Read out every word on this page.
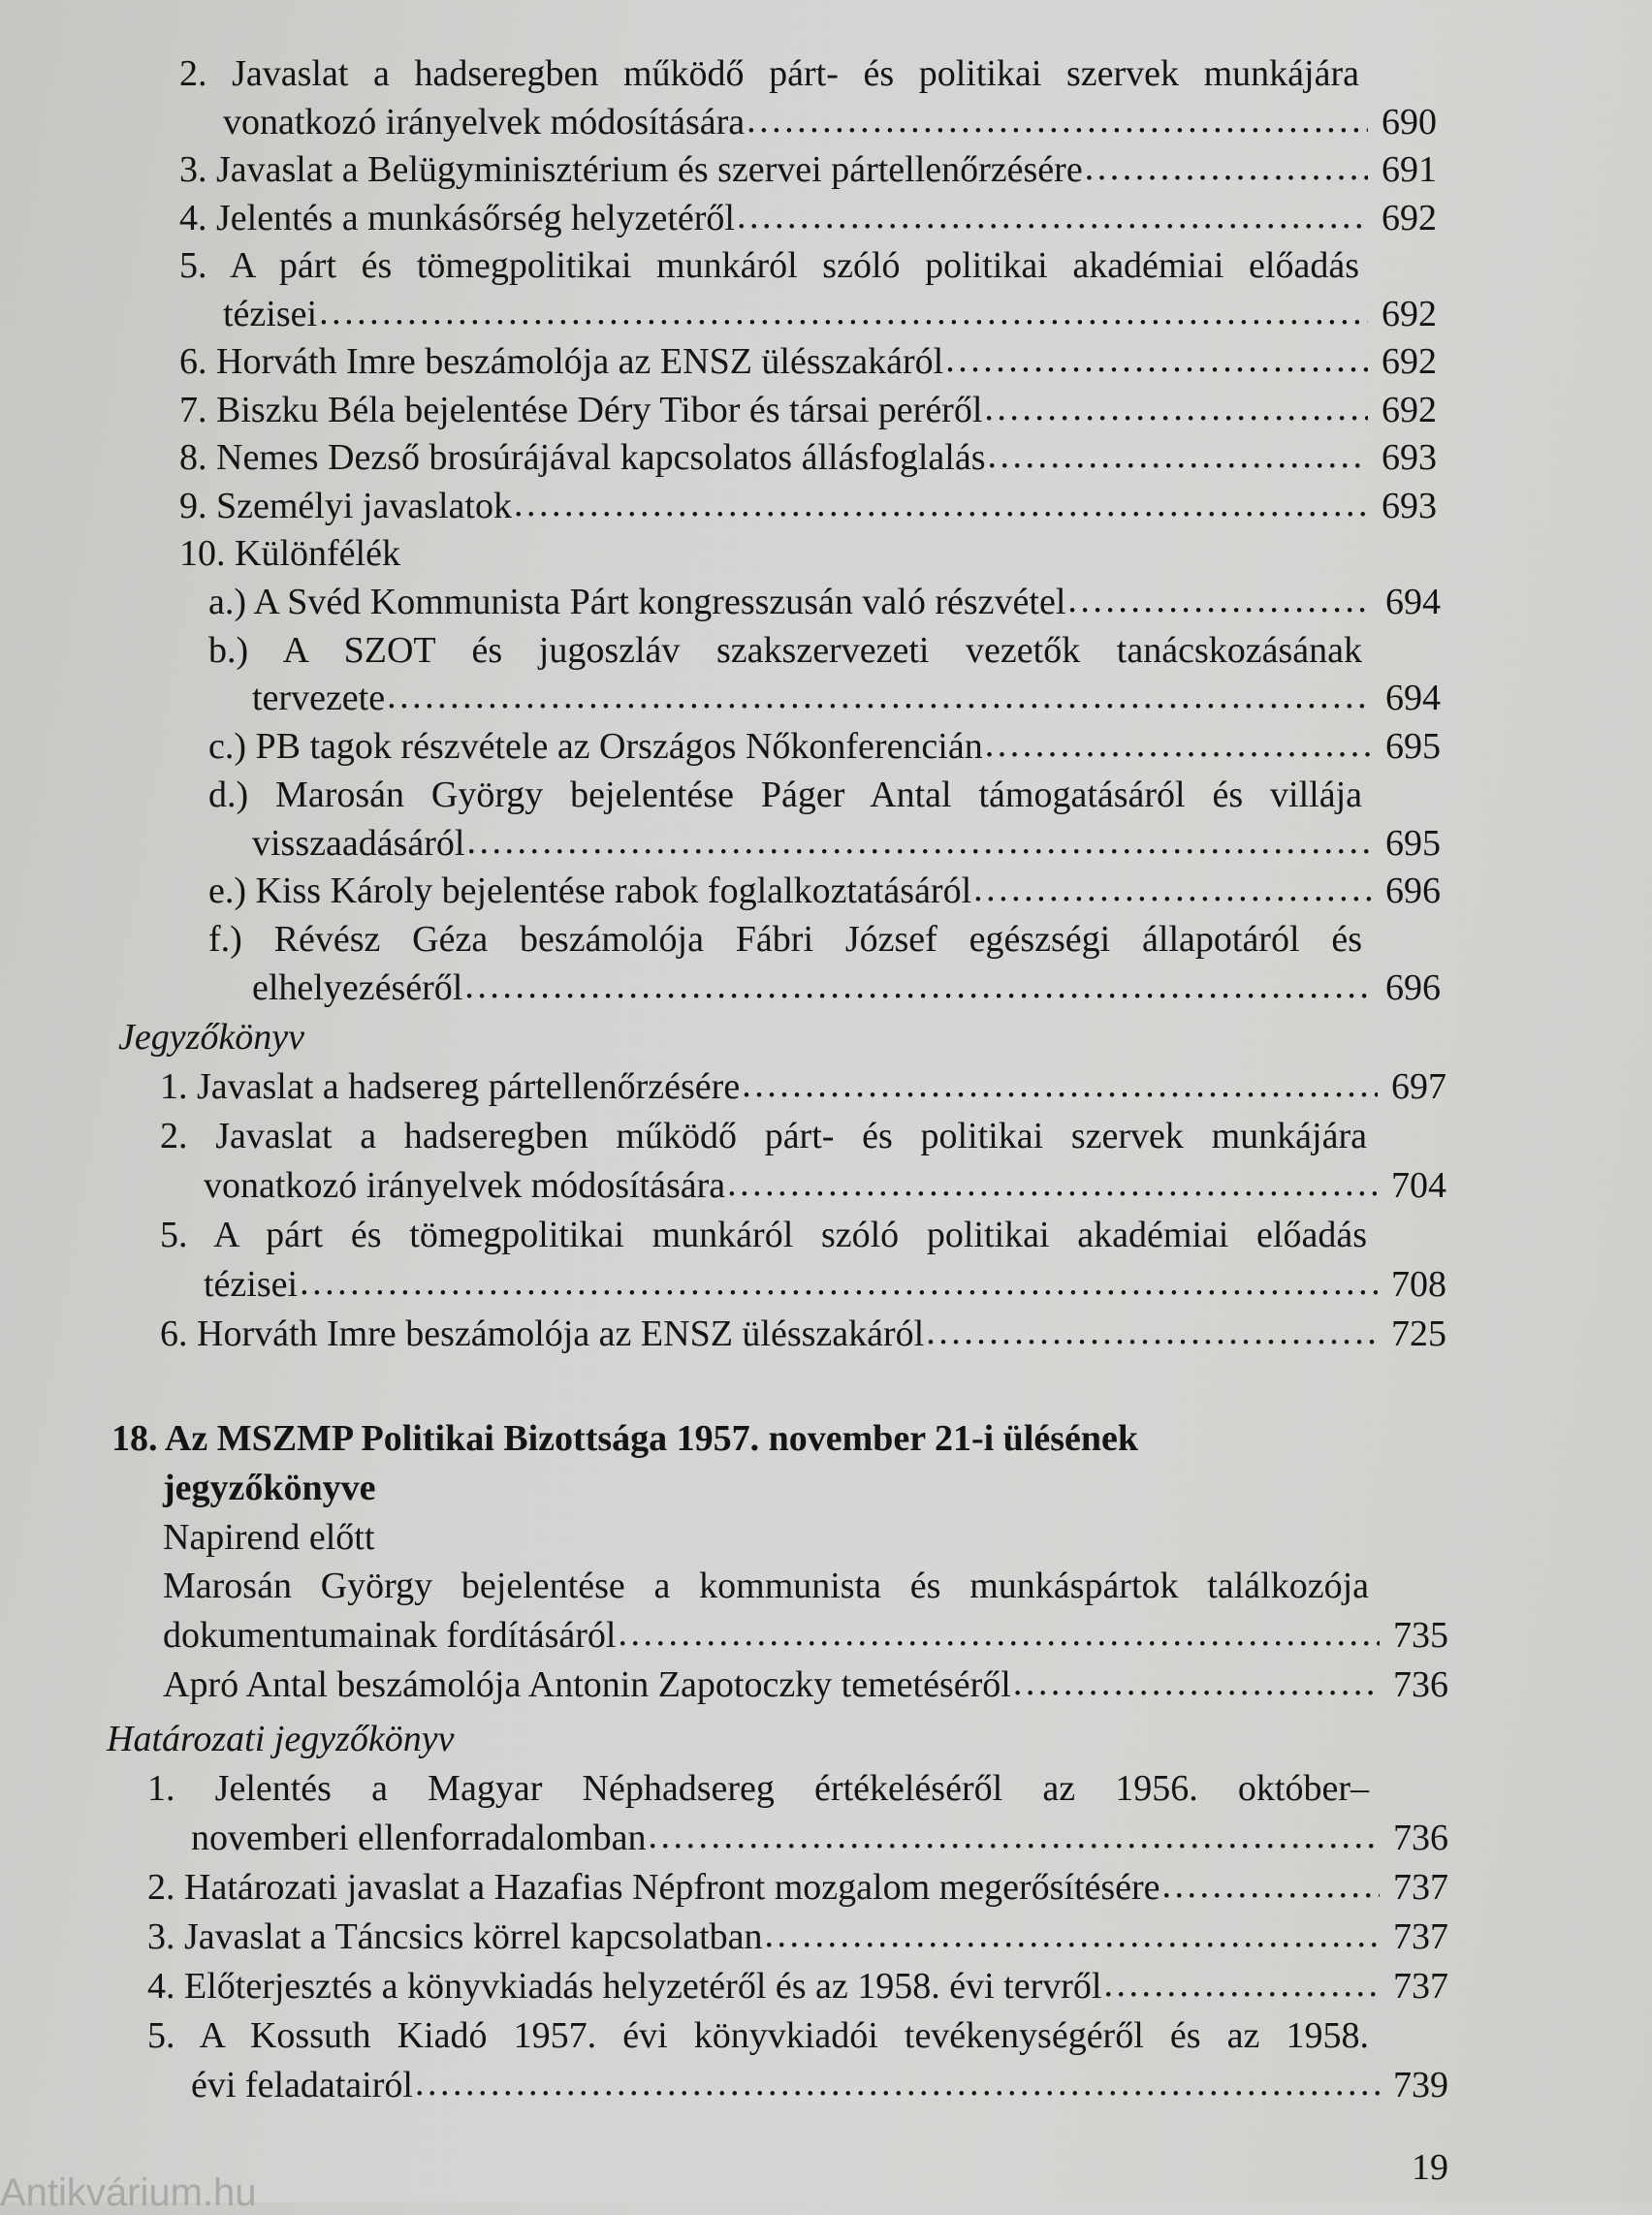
2. Javaslat a hadseregben működő párt- és politikai szervek munkájára
vonatkozó irányelvek módosítására . . .	690
3. Javaslat a Belügyminisztérium és szervei pártellenőrzésére . . .	691
4. Jelentés a munkásőrség helyzetéről . . .	692
5. A párt és tömegpolitikai munkáról szóló politikai akadémiai előadás
tézisei . . .	692
6. Horváth Imre beszámolója az ENSZ ülésszakáról . . .	692
7. Biszku Béla bejelentése Déry Tibor és társai peréről . . .	692
8. Nemes Dezső brosúrájával kapcsolatos állásfoglalás . . .	693
9. Személyi javaslatok . . .	693
10. Különfélék
a.) A Svéd Kommunista Párt kongresszusán való részvétel . . .	694
b.) A SZOT és jugoszláv szakszervezeti vezetők tanácskozásának
tervezete . . .	694
c.) PB tagok részvétele az Országos Nőkonferencián . . .	695
d.) Marosán György bejelentése Páger Antal támogatásáról és villája
visszaadásáról . . .	695
e.) Kiss Károly bejelentése rabok foglalkoztatásáról . . .	696
f.) Révész Géza beszámolója Fábri József egészségi állapotáról és
elhelyezéséről . . .	696
Jegyzőkönyv
1. Javaslat a hadsereg pártellenőrzésére . . .	697
2. Javaslat a hadseregben működő párt- és politikai szervek munkájára
vonatkozó irányelvek módosítására . . .	704
5. A párt és tömegpolitikai munkáról szóló politikai akadémiai előadás
tézisei . . .	708
6. Horváth Imre beszámolója az ENSZ ülésszakáról . . .	725
18. Az MSZMP Politikai Bizottsága 1957. november 21-i ülésének
jegyzőkönyve
Napirend előtt
Marosán György bejelentése a kommunista és munkáspártok találkozója
dokumentumainak fordításáról . . .	735
Apró Antal beszámolója Antonin Zapotoczky temetéséről . . .	736
Határozati jegyzőkönyv
1. Jelentés a Magyar Néphadsereg értékeléséről az 1956. október–
novemberi ellenforradalomban . . .	736
2. Határozati javaslat a Hazafias Népfront mozgalom megerősítésére . . .	737
3. Javaslat a Táncsics körrel kapcsolatban . . .	737
4. Előterjesztés a könyvkiadás helyzetéről és az 1958. évi tervről . . .	737
5. A Kossuth Kiadó 1957. évi könyvkiadói tevékenységéről és az 1958.
évi feladatairól . . .	739
19
Antikvárium.hu
